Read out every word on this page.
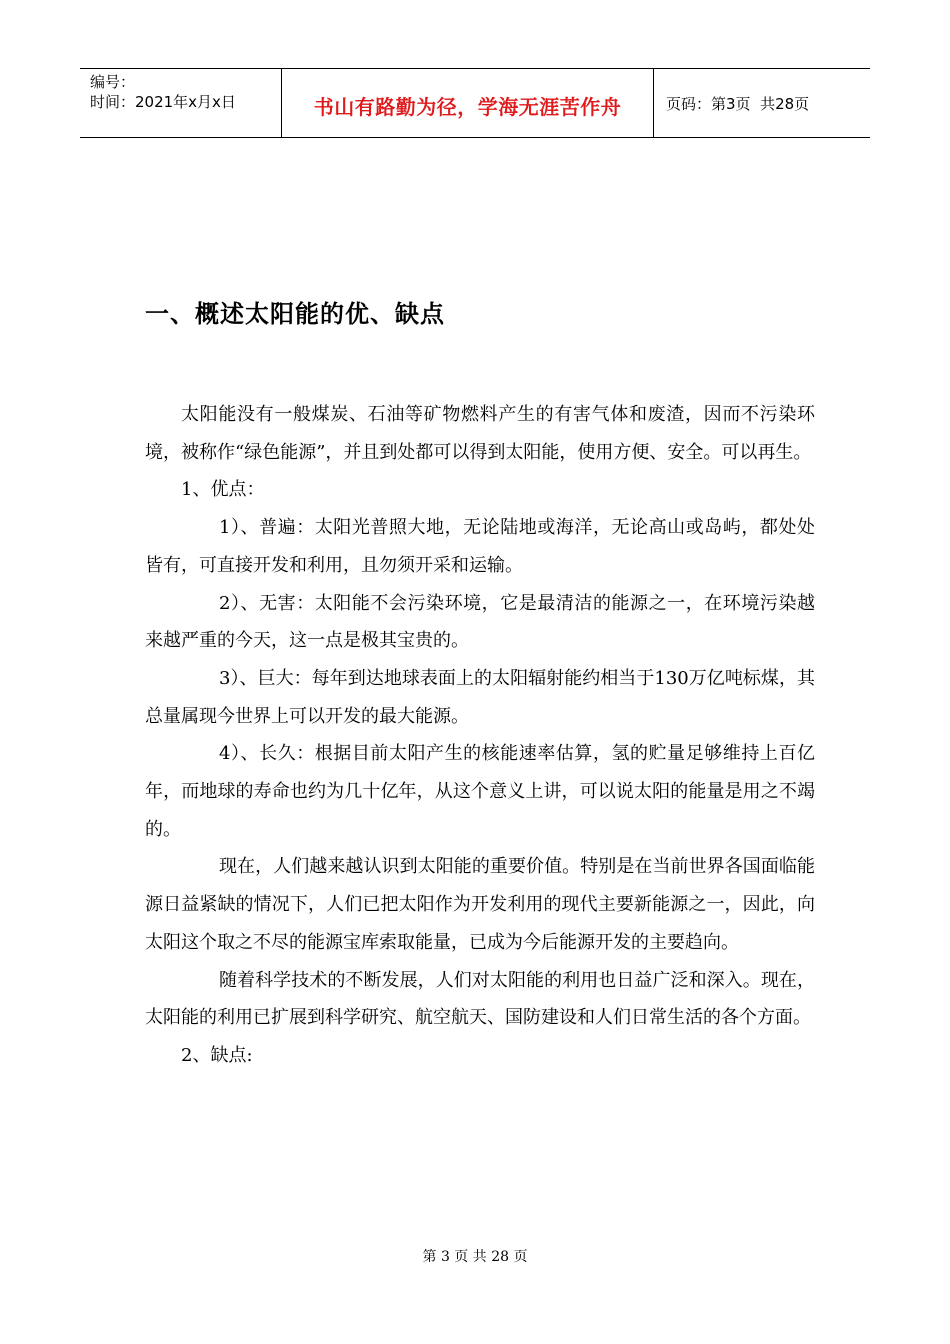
编号：
时间：2021年x月x日	书山有路勤为径，学海无涯苦作舟	页码：第3页  共28页
一、概述太阳能的优、缺点

太阳能没有一般煤炭、石油等矿物燃料产生的有害气体和废渣，因而不污染环境，被称作“绿色能源”，并且到处都可以得到太阳能，使用方便、安全。可以再生。

1、优点：

1）、普遍：太阳光普照大地，无论陆地或海洋，无论高山或岛屿，都处处皆有，可直接开发和利用，且勿须开采和运输。

2）、无害：太阳能不会污染环境，它是最清洁的能源之一，在环境污染越来越严重的今天，这一点是极其宝贵的。

3）、巨大：每年到达地球表面上的太阳辐射能约相当于130万亿吨标煤，其总量属现今世界上可以开发的最大能源。

4）、长久：根据目前太阳产生的核能速率估算，氢的贮量足够维持上百亿年，而地球的寿命也约为几十亿年，从这个意义上讲，可以说太阳的能量是用之不竭的。

现在，人们越来越认识到太阳能的重要价值。特别是在当前世界各国面临能源日益紧缺的情况下，人们已把太阳作为开发利用的现代主要新能源之一，因此，向太阳这个取之不尽的能源宝库索取能量，已成为今后能源开发的主要趋向。

随着科学技术的不断发展，人们对太阳能的利用也日益广泛和深入。现在，太阳能的利用已扩展到科学研究、航空航天、国防建设和人们日常生活的各个方面。

2、缺点:

第 3 页 共 28 页
